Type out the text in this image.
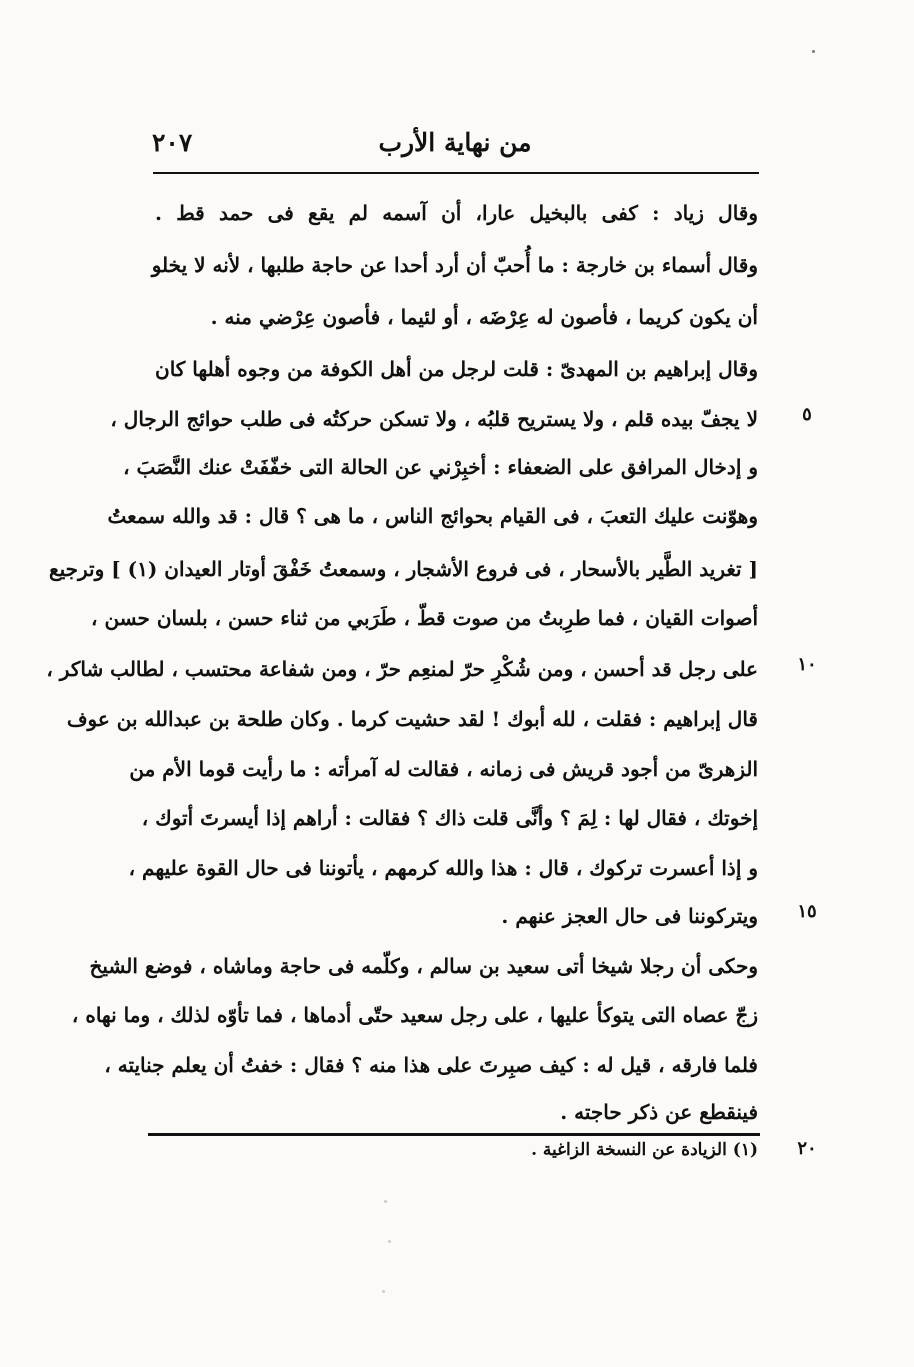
من نهاية الأرب
٢٠٧
وقال زياد : كفى بالبخيل عارا، أن آسمه لم يقع فى حمد قط .
وقال أسماء بن خارجة : ما أُحبّ أن أرد أحدا عن حاجة طلبها ، لأنه لا يخلو
أن يكون كريما ، فأصون له عِرْضَه ، أو لئيما ، فأصون عِرْضي منه .
وقال إبراهيم بن المهدىّ : قلت لرجل من أهل الكوفة من وجوه أهلها كان
لا يجفّ بيده قلم ، ولا يستريح قلبُه ، ولا تسكن حركتُه فى طلب حوائج الرجال ،
و إدخال المرافق على الضعفاء : أخبِرْني عن الحالة التى خفّفَتْ عنك النَّصَبَ ،
وهوّنت عليك التعبَ ، فى القيام بحوائج الناس ، ما هى ؟ قال : قد والله سمعتُ
[ تغريد الطَّير بالأسحار ، فى فروع الأشجار ، وسمعتُ خَفْقَ أوتار العيدان (١) ] وترجيع
أصوات القيان ، فما طرِبتُ من صوت قطّ ، طَرَبي من ثناء حسن ، بلسان حسن ،
على رجل قد أحسن ، ومن شُكْرِ حرّ لمنعِم حرّ ، ومن شفاعة محتسب ، لطالب شاكر ،
قال إبراهيم : فقلت ، لله أبوك ! لقد حشيت كرما . وكان طلحة بن عبدالله بن عوف
الزهرىّ من أجود قريش فى زمانه ، فقالت له آمرأته : ما رأيت قوما الأم من
إخوتك ، فقال لها : لِمَ ؟ وأنَّى قلت ذاك ؟ فقالت : أراهم إذا أيسرتَ أتوك ،
و إذا أعسرت تركوك ، قال : هذا والله كرمهم ، يأتوننا فى حال القوة عليهم ،
ويتركوننا فى حال العجز عنهم .
وحكى أن رجلا شيخا أتى سعيد بن سالم ، وكلّمه فى حاجة وماشاه ، فوضع الشيخ
زجّ عصاه التى يتوكأ عليها ، على رجل سعيد حتّى أدماها ، فما تأوّه لذلك ، وما نهاه ،
فلما فارقه ، قيل له : كيف صبِرتَ على هذا منه ؟ فقال : خفتُ أن يعلم جنايته ،
فينقطع عن ذكر حاجته .
٥
١٠
١٥
٢٠
(١) الزيادة عن النسخة الزاغية .
